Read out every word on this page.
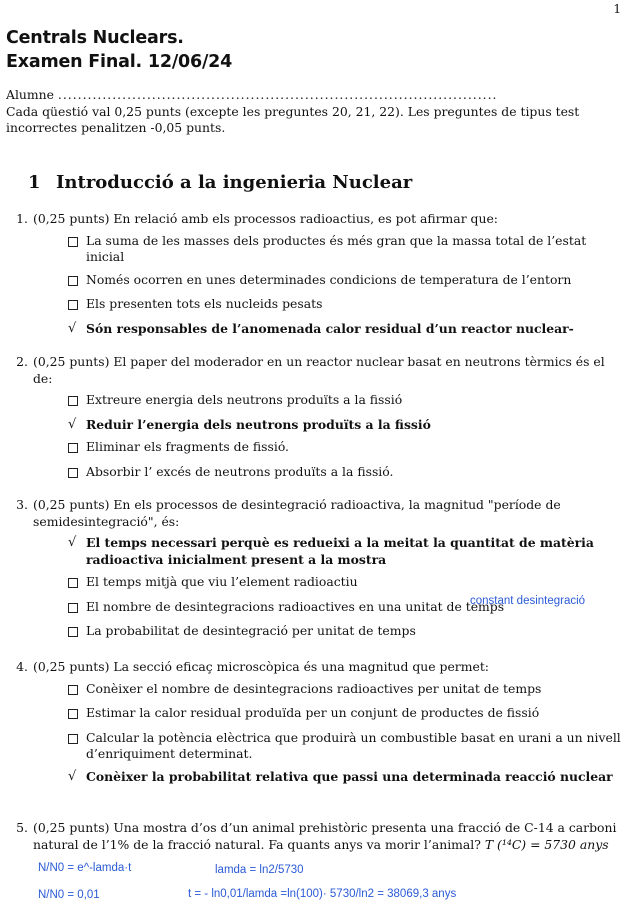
1
Centrals Nuclears.
Examen Final. 12/06/24
Alumne .........................................................................................
Cada qüestió val 0,25 punts (excepte les preguntes 20, 21, 22). Les preguntes de tipus test incorrectes penalitzen -0,05 punts.
1 Introducció a la ingenieria Nuclear
1. (0,25 punts) En relació amb els processos radioactius, es pot afirmar que:
La suma de les masses dels productes és més gran que la massa total de l’estat inicial
Només ocorren en unes determinades condicions de temperatura de l’entorn
Els presenten tots els nucleids pesats
√ Són responsables de l’anomenada calor residual d’un reactor nuclear-
2. (0,25 punts) El paper del moderador en un reactor nuclear basat en neutrons tèrmics és el de:
Extreure energia dels neutrons produïts a la fissió
√ Reduir l’energia dels neutrons produïts a la fissió
Eliminar els fragments de fissió.
Absorbir l’ excés de neutrons produïts a la fissió.
3. (0,25 punts) En els processos de desintegració radioactiva, la magnitud "període de semidesintegració", és:
√ El temps necessari perquè es redueixi a la meitat la quantitat de matèria radioactiva inicialment present a la mostra
El temps mitjà que viu l’element radioactiu
El nombre de desintegracions radioactives en una unitat de temps
La probabilitat de desintegració per unitat de temps
constant desintegració
4. (0,25 punts) La secció eficaç microscòpica és una magnitud que permet:
Conèixer el nombre de desintegracions radioactives per unitat de temps
Estimar la calor residual produïda per un conjunt de productes de fissió
Calcular la potència elèctrica que produirà un combustible basat en urani a un nivell d’enriquiment determinat.
√ Conèixer la probabilitat relativa que passi una determinada reacció nuclear
5. (0,25 punts) Una mostra d’os d’un animal prehistòric presenta una fracció de C-14 a carboni natural de l’1% de la fracció natural. Fa quants anys va morir l’animal? T (¹⁴C) = 5730 anys
N/N0 = e^-lamda·t	lamda = ln2/5730
N/N0 = 0,01	t = - ln0,01/lamda =ln(100)· 5730/ln2 = 38069,3 anys
